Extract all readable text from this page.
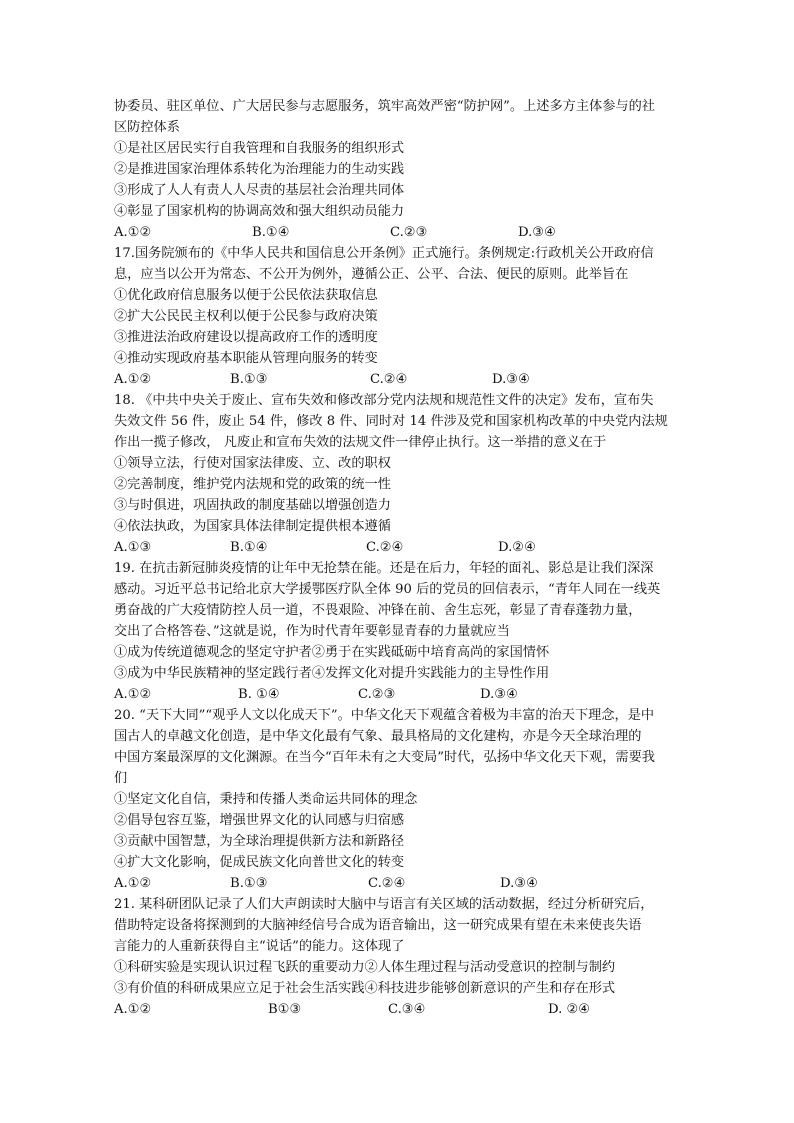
协委员、驻区单位、广大居民参与志愿服务，筑牢高效严密“防护网”。上述多方主体参与的社
区防控体系
①是社区居民实行自我管理和自我服务的组织形式
②是推进国家治理体系转化为治理能力的生动实践
③形成了人人有责人人尽责的基层社会治理共同体
④彰显了国家机构的协调高效和强大组织动员能力
A.①②	B.①④	C.②③	D.③④
17.国务院颁布的《中华人民共和国信息公开条例》正式施行。条例规定:行政机关公开政府信
息，应当以公开为常态、不公开为例外，遵循公正、公平、合法、便民的原则。此举旨在
①优化政府信息服务以便于公民依法获取信息
②扩大公民民主权利以便于公民参与政府决策
③推进法治政府建设以提高政府工作的透明度
④推动实现政府基本职能从管理向服务的转变
A.①②	B.①③	C.②④	D.③④
18. 《中共中央关于废止、宣布失效和修改部分党内法规和规范性文件的决定》发布，宣布失
失效文件 56 件，废止 54 件，修改 8 件、同时对 14 件涉及党和国家机构改革的中央党内法规
作出一揽子修改， 凡废止和宣布失效的法规文件一律停止执行。这一举措的意义在于
①领导立法，行使对国家法律废、立、改的职权
②完善制度，维护党内法规和党的政策的统一性
③与时俱进，巩固执政的制度基础以增强创造力
④依法执政，为国家具体法律制定提供根本遵循
A.①③	B.①④	C.②④	D.②④
19. 在抗击新冠肺炎疫情的让年中无抢禁在能。还是在后力，年轻的面礼、影总是让我们深深
感动。习近平总书记给北京大学援鄂医疗队全体 90 后的党员的回信表示，“青年人同在一线英
勇奋战的广大疫情防控人员一道，不畏艰险、冲锋在前、舍生忘死，彰显了青春蓬勃力量，
交出了合格答卷、”这就是说，作为时代青年要彰显青春的力量就应当
①成为传统道德观念的坚定守护者②勇于在实践砥砺中培育高尚的家国情怀
③成为中华民族精神的坚定践行者④发挥文化对提升实践能力的主导性作用
A.①②	B. ①④	C.②③	D.③④
20. “天下大同”“观乎人文以化成天下”。中华文化天下观蕴含着极为丰富的治天下理念，是中
国古人的卓越文化创造，是中华文化最有气象、最具格局的文化建构，亦是今天全球治理的
中国方案最深厚的文化渊源。在当今“百年未有之大变局”时代，弘扬中华文化天下观，需要我
们
①坚定文化自信，秉持和传播人类命运共同体的理念
②倡导包容互鉴，增强世界文化的认同感与归宿感
③贡献中国智慧，为全球治理提供新方法和新路径
④扩大文化影响，促成民族文化向普世文化的转变
A.①②	B.①③	C.②④	D.③④
21. 某科研团队记录了人们大声朗读时大脑中与语言有关区域的活动数据，经过分析研究后，
借助特定设备将探测到的大脑神经信号合成为语音输出，这一研究成果有望在未来使丧失语
言能力的人重新获得自主“说话”的能力。这体现了
①科研实验是实现认识过程飞跃的重要动力②人体生理过程与活动受意识的控制与制约
③有价值的科研成果应立足于社会生活实践④科技进步能够创新意识的产生和存在形式
A.①②	B①③	C.③④	D. ②④
